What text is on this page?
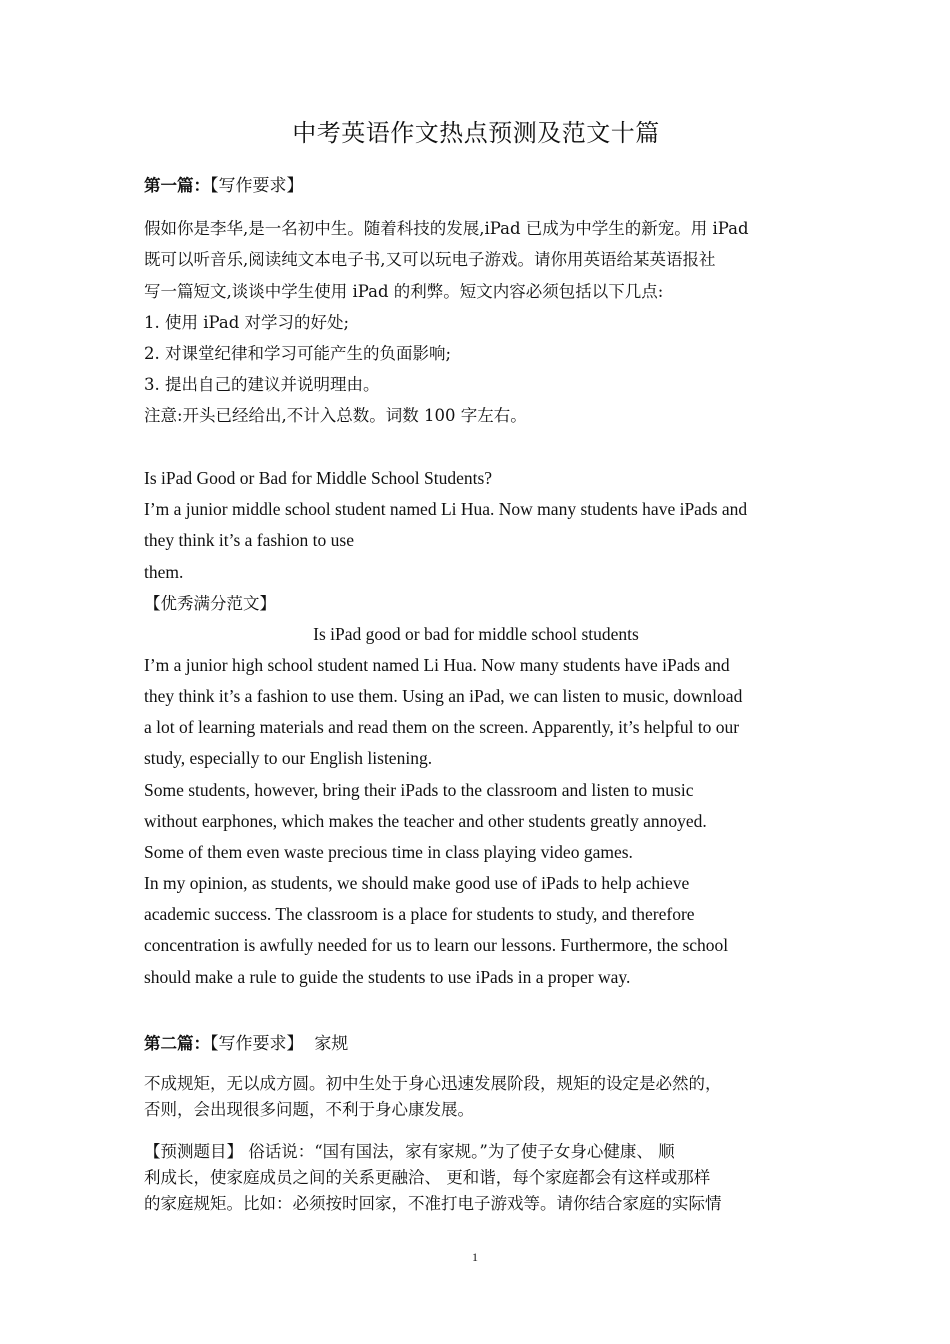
中考英语作文热点预测及范文十篇
第一篇：【写作要求】
假如你是李华,是一名初中生。随着科技的发展,iPad 已成为中学生的新宠。用 iPad
既可以听音乐,阅读纯文本电子书,又可以玩电子游戏。请你用英语给某英语报社
写一篇短文,谈谈中学生使用 iPad 的利弊。短文内容必须包括以下几点:
1. 使用 iPad 对学习的好处;
2. 对课堂纪律和学习可能产生的负面影响;
3. 提出自己的建议并说明理由。
注意:开头已经给出,不计入总数。词数 100 字左右。
Is iPad Good or Bad for Middle School Students?
I’m a junior middle school student named Li Hua. Now many students have iPads and
they think it’s a fashion to use
them.
【优秀满分范文】
Is iPad good or bad for middle school students
I’m a junior high school student named Li Hua. Now many students have iPads and
they think it’s a fashion to use them. Using an iPad, we can listen to music, download
a lot of learning materials and read them on the screen. Apparently, it’s helpful to our
study, especially to our English listening.
Some students, however, bring their iPads to the classroom and listen to music
without earphones, which makes the teacher and other students greatly annoyed.
Some of them even waste precious time in class playing video games.
In my opinion, as students, we should make good use of iPads to help achieve
academic success. The classroom is a place for students to study, and therefore
concentration is awfully needed for us to learn our lessons. Furthermore, the school
should make a rule to guide the students to use iPads in a proper way.
第二篇：【写作要求】 家规
不成规矩，无以成方圆。初中生处于身心迅速发展阶段，规矩的设定是必然的，
否则，会出现很多问题，不利于身心康发展。
【预测题目】 俗话说：“国有国法，家有家规。”为了使子女身心健康、 顺
利成长，使家庭成员之间的关系更融洽、 更和谐，每个家庭都会有这样或那样
的家庭规矩。比如：必须按时回家，不准打电子游戏等。请你结合家庭的实际情
1
